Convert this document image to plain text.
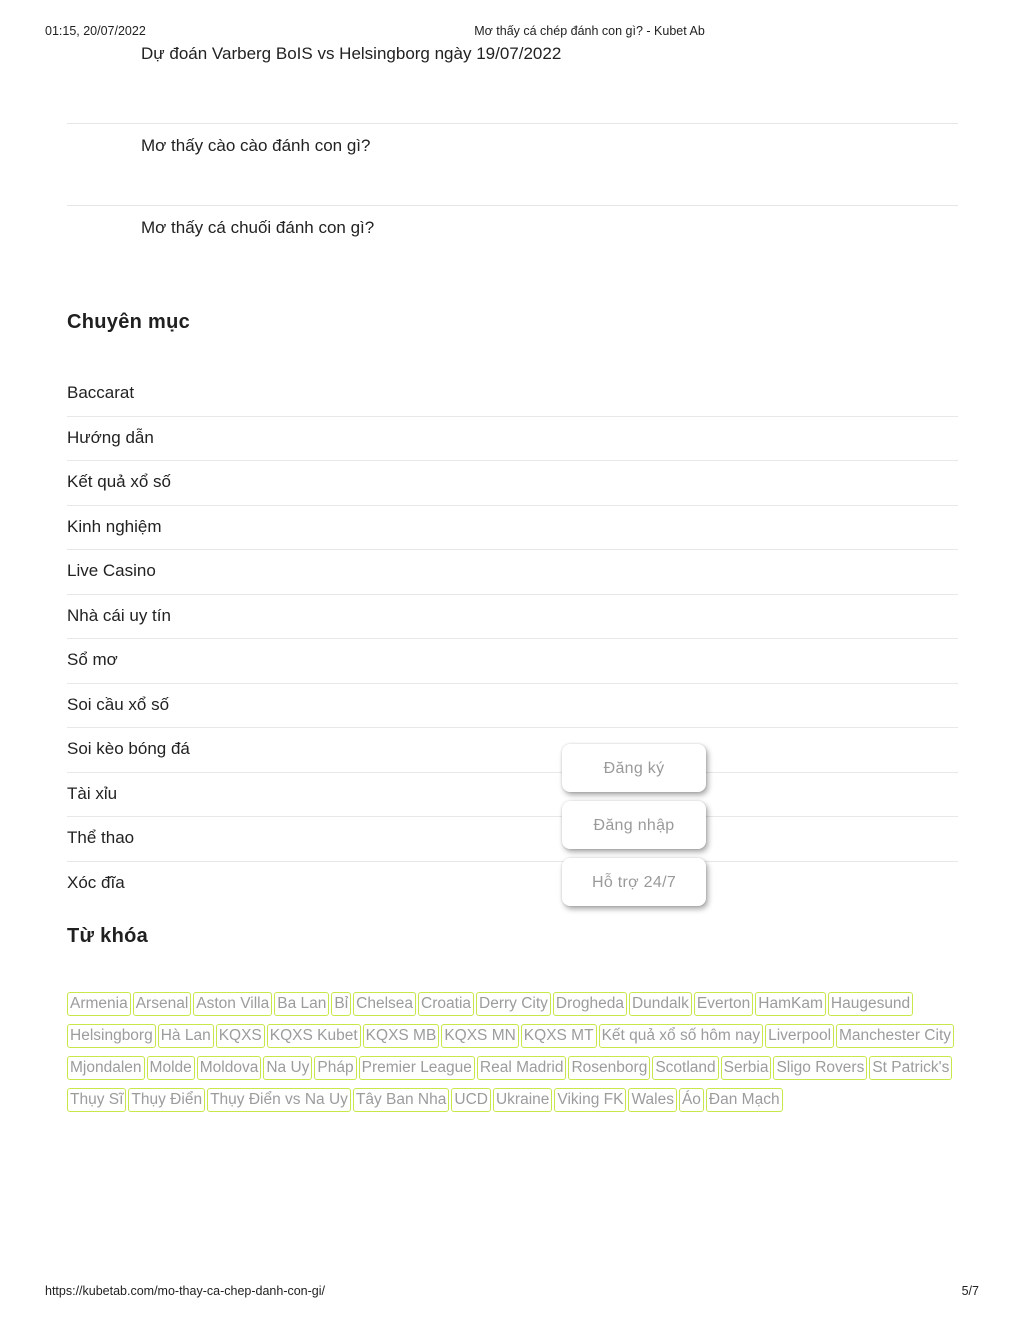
01:15, 20/07/2022	Mơ thấy cá chép đánh con gì? - Kubet Ab
Dự đoán Varberg BoIS vs Helsingborg ngày 19/07/2022
Mơ thấy cào cào đánh con gì?
Mơ thấy cá chuối đánh con gì?
Chuyên mục
Baccarat
Hướng dẫn
Kết quả xổ số
Kinh nghiệm
Live Casino
Nhà cái uy tín
Sổ mơ
Soi cầu xổ số
Soi kèo bóng đá
Tài xỉu
Thể thao
Xóc đĩa
Đăng ký
Đăng nhập
Hỗ trợ 24/7
Từ khóa
Armenia Arsenal Aston Villa Ba Lan Bỉ Chelsea Croatia Derry City Drogheda Dundalk Everton HamKam HaugesundHelsingborg Hà Lan KQXS KQXS Kubet KQXS MB KQXS MN KQXS MT Kết quả xổ số hôm nay Liverpool Manchester CityMjondalen Molde Moldova Na Uy Pháp Premier League Real Madrid Rosenborg Scotland Serbia Sligo Rovers St Patrick'sThụy Sĩ Thụy Điển Thụy Điển vs Na Uy Tây Ban Nha UCD Ukraine Viking FK Wales Áo Đan Mạch
https://kubetab.com/mo-thay-ca-chep-danh-con-gi/	5/7
